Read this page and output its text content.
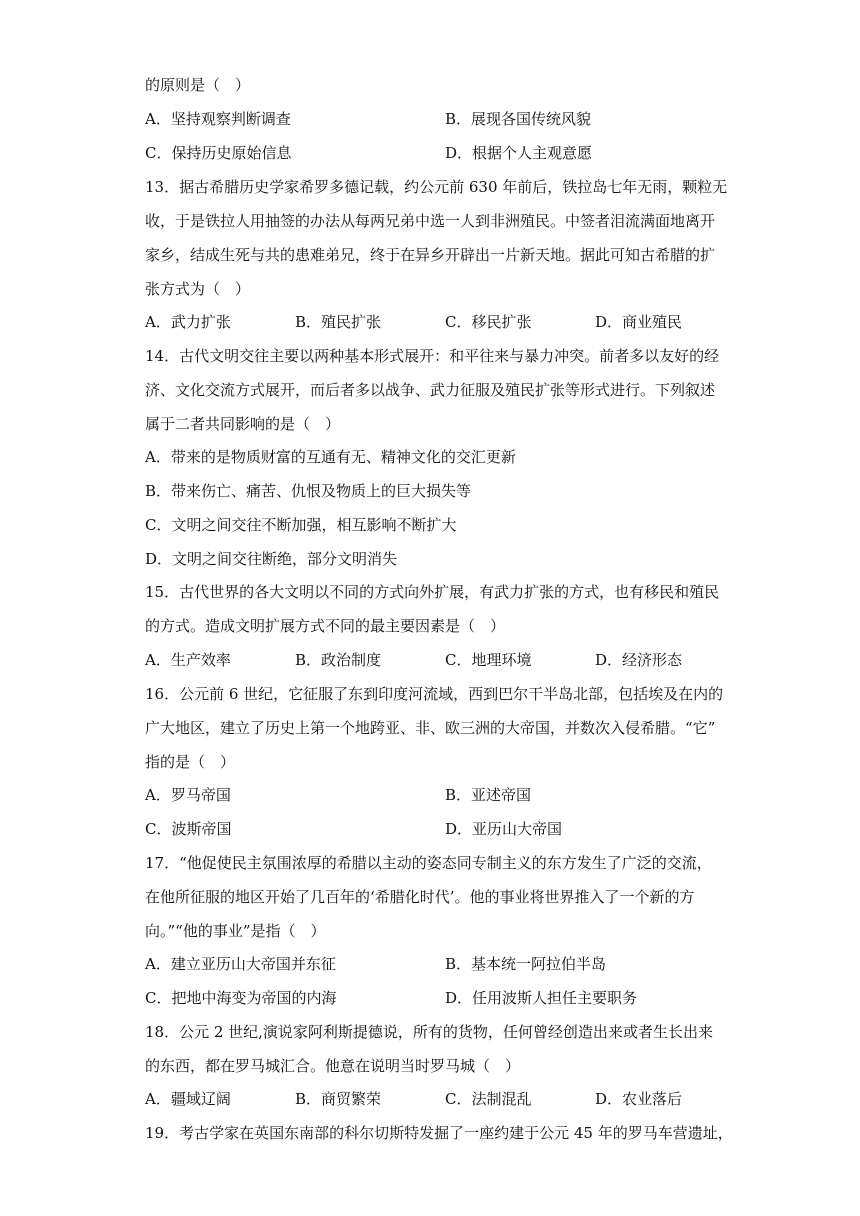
的原则是（　）
A．坚持观察判断调查	B．展现各国传统风貌
C．保持历史原始信息	D．根据个人主观意愿
13．据古希腊历史学家希罗多德记载，约公元前 630 年前后，铁拉岛七年无雨，颗粒无
收，于是铁拉人用抽签的办法从每两兄弟中选一人到非洲殖民。中签者泪流满面地离开
家乡，结成生死与共的患难弟兄，终于在异乡开辟出一片新天地。据此可知古希腊的扩
张方式为（　）
A．武力扩张	B．殖民扩张	C．移民扩张	D．商业殖民
14．古代文明交往主要以两种基本形式展开：和平往来与暴力冲突。前者多以友好的经
济、文化交流方式展开，而后者多以战争、武力征服及殖民扩张等形式进行。下列叙述
属于二者共同影响的是（　）
A．带来的是物质财富的互通有无、精神文化的交汇更新
B．带来伤亡、痛苦、仇恨及物质上的巨大损失等
C．文明之间交往不断加强，相互影响不断扩大
D．文明之间交往断绝，部分文明消失
15．古代世界的各大文明以不同的方式向外扩展，有武力扩张的方式，也有移民和殖民
的方式。造成文明扩展方式不同的最主要因素是（　）
A．生产效率	B．政治制度	C．地理环境	D．经济形态
16．公元前 6 世纪，它征服了东到印度河流域，西到巴尔干半岛北部，包括埃及在内的
广大地区，建立了历史上第一个地跨亚、非、欧三洲的大帝国，并数次入侵希腊。“它”
指的是（　）
A．罗马帝国	B．亚述帝国
C．波斯帝国	D．亚历山大帝国
17．“他促使民主氛围浓厚的希腊以主动的姿态同专制主义的东方发生了广泛的交流，
在他所征服的地区开始了几百年的‘希腊化时代’。他的事业将世界推入了一个新的方
向。”“他的事业”是指（　）
A．建立亚历山大帝国并东征	B．基本统一阿拉伯半岛
C．把地中海变为帝国的内海	D．任用波斯人担任主要职务
18．公元 2 世纪,演说家阿利斯提德说，所有的货物，任何曾经创造出来或者生长出来
的东西，都在罗马城汇合。他意在说明当时罗马城（　）
A．疆域辽阔	B．商贸繁荣	C．法制混乱	D．农业落后
19．考古学家在英国东南部的科尔切斯特发掘了一座约建于公元 45 年的罗马车营遗址，
